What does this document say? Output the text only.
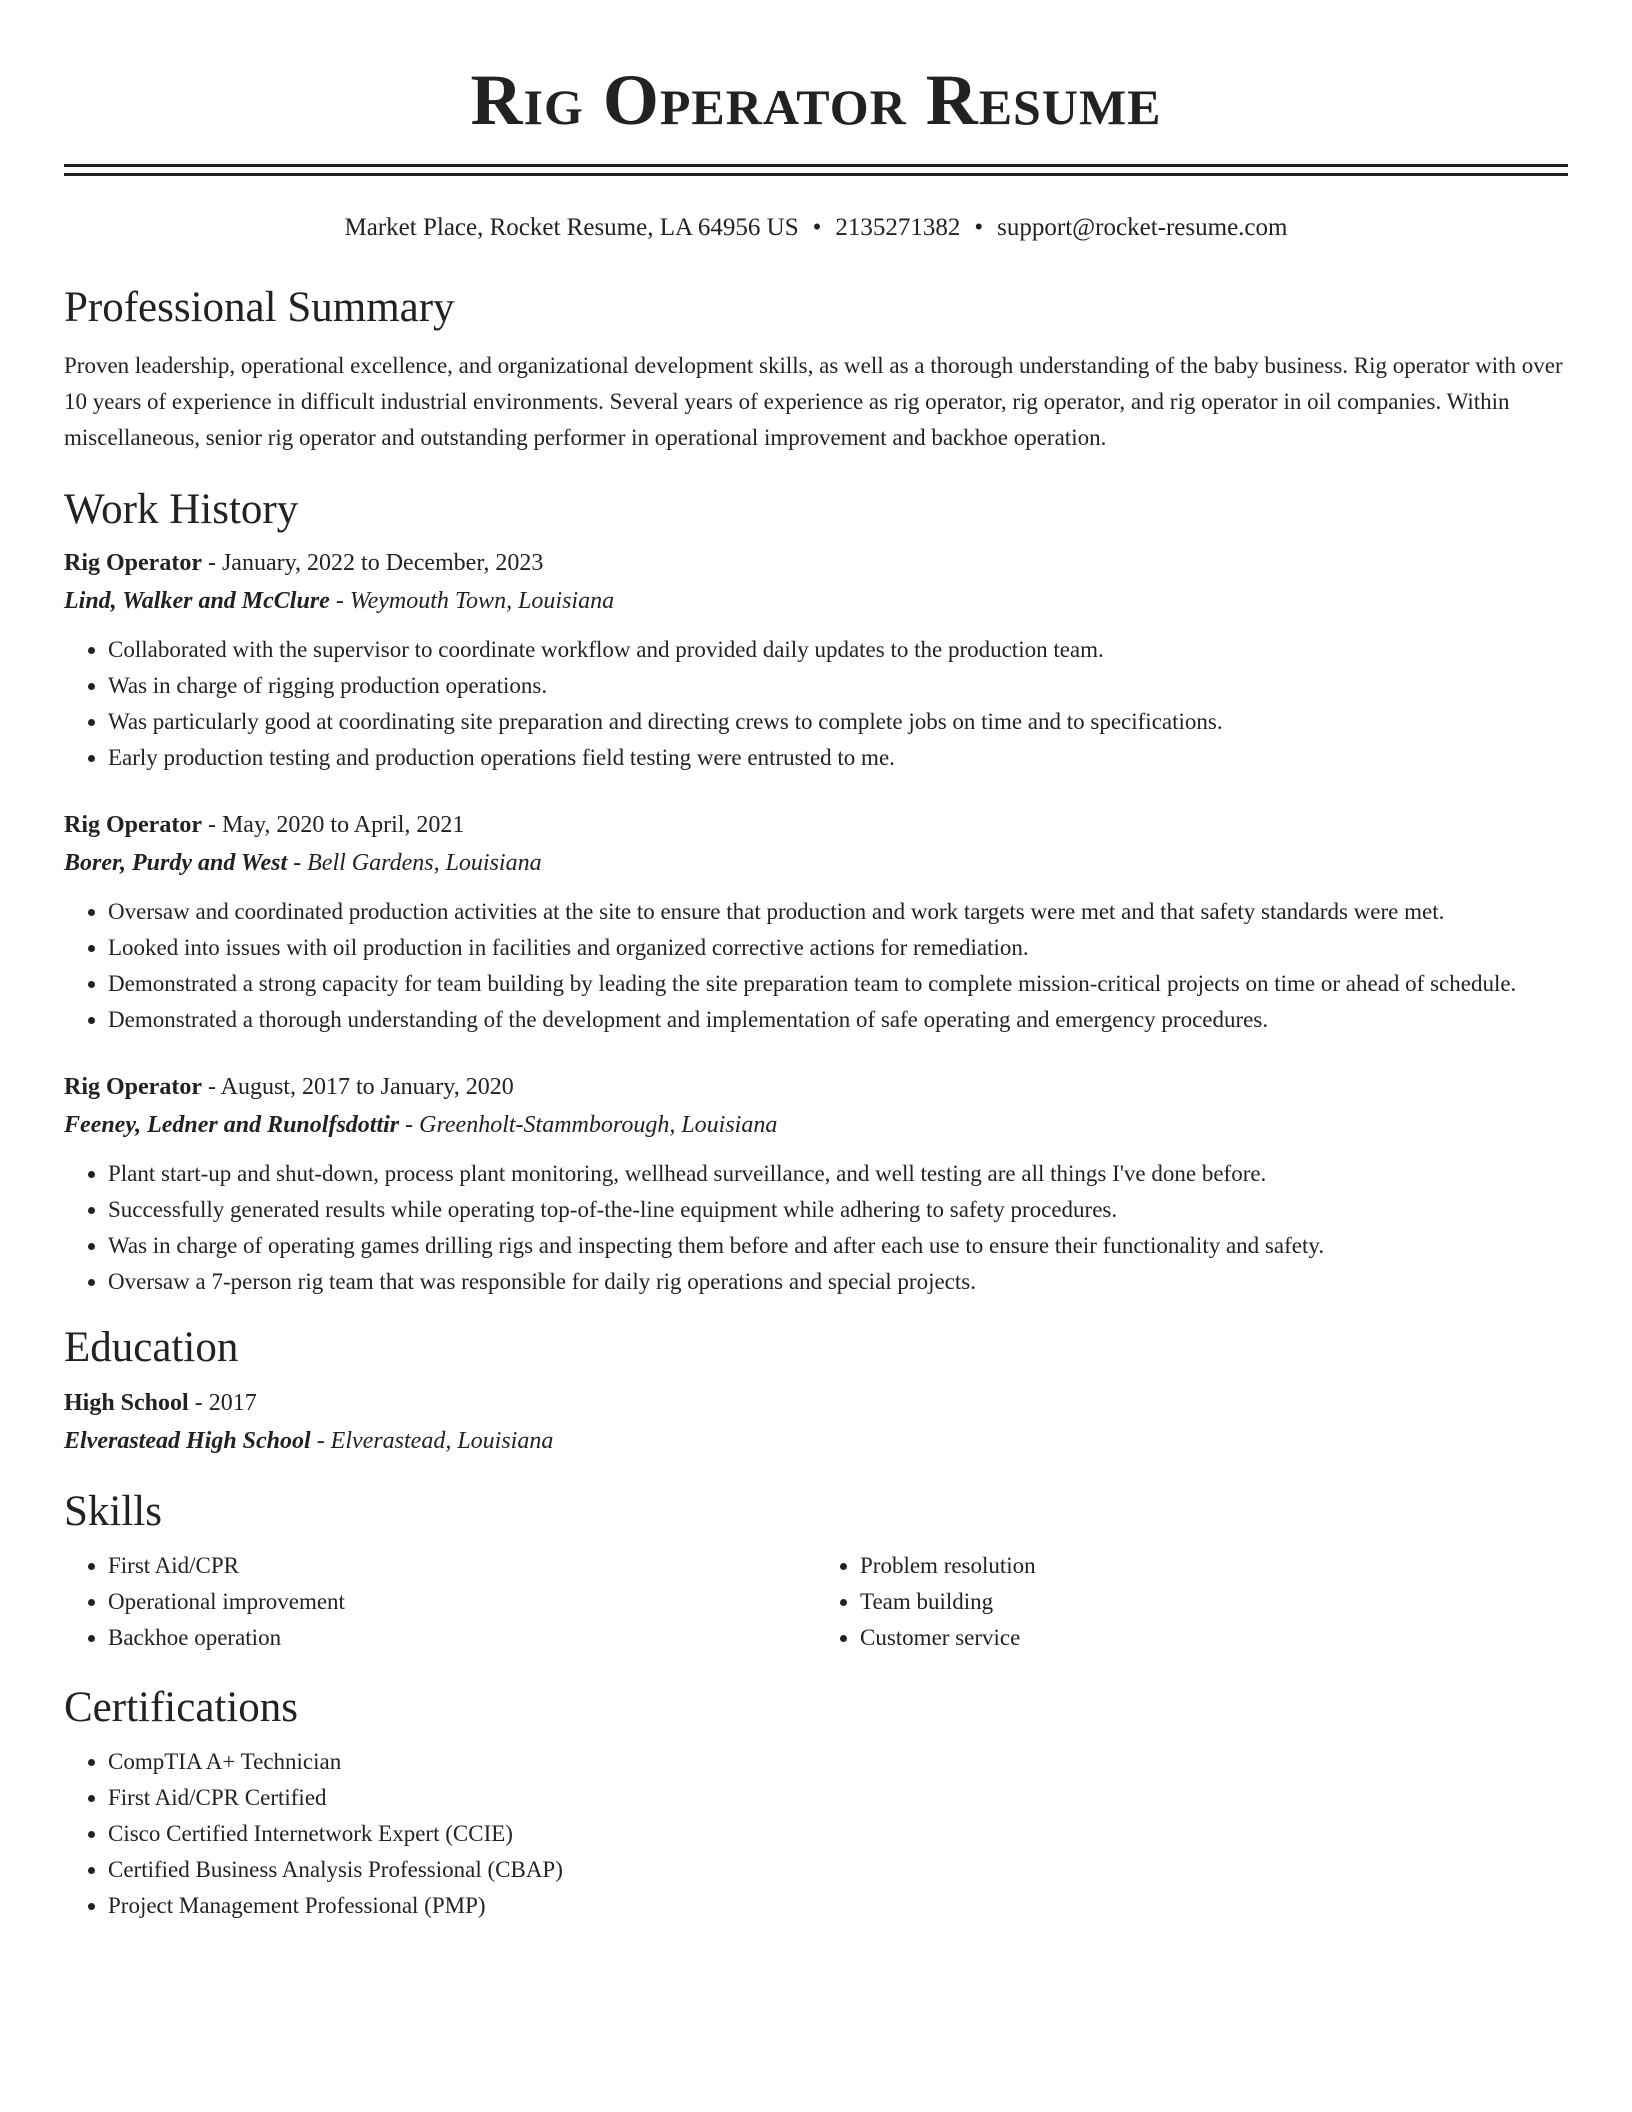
Rig Operator Resume
Market Place, Rocket Resume, LA 64956 US • 2135271382 • support@rocket-resume.com
Professional Summary

Proven leadership, operational excellence, and organizational development skills, as well as a thorough understanding of the baby business. Rig operator with over 10 years of experience in difficult industrial environments. Several years of experience as rig operator, rig operator, and rig operator in oil companies. Within miscellaneous, senior rig operator and outstanding performer in operational improvement and backhoe operation.

Work History
Rig Operator - January, 2022 to December, 2023
Lind, Walker and McClure - Weymouth Town, Louisiana
• Collaborated with the supervisor to coordinate workflow and provided daily updates to the production team.
• Was in charge of rigging production operations.
• Was particularly good at coordinating site preparation and directing crews to complete jobs on time and to specifications.
• Early production testing and production operations field testing were entrusted to me.
Rig Operator - May, 2020 to April, 2021
Borer, Purdy and West - Bell Gardens, Louisiana
• Oversaw and coordinated production activities at the site to ensure that production and work targets were met and that safety standards were met.
• Looked into issues with oil production in facilities and organized corrective actions for remediation.
• Demonstrated a strong capacity for team building by leading the site preparation team to complete mission-critical projects on time or ahead of schedule.
• Demonstrated a thorough understanding of the development and implementation of safe operating and emergency procedures.
Rig Operator - August, 2017 to January, 2020
Feeney, Ledner and Runolfsdottir - Greenholt-Stammborough, Louisiana
• Plant start-up and shut-down, process plant monitoring, wellhead surveillance, and well testing are all things I've done before.
• Successfully generated results while operating top-of-the-line equipment while adhering to safety procedures.
• Was in charge of operating games drilling rigs and inspecting them before and after each use to ensure their functionality and safety.
• Oversaw a 7-person rig team that was responsible for daily rig operations and special projects.
Education
High School - 2017
Elverastead High School - Elverastead, Louisiana
Skills
• First Aid/CPR
• Operational improvement
• Backhoe operation
• Problem resolution
• Team building
• Customer service
Certifications
• CompTIA A+ Technician
• First Aid/CPR Certified
• Cisco Certified Internetwork Expert (CCIE)
• Certified Business Analysis Professional (CBAP)
• Project Management Professional (PMP)
